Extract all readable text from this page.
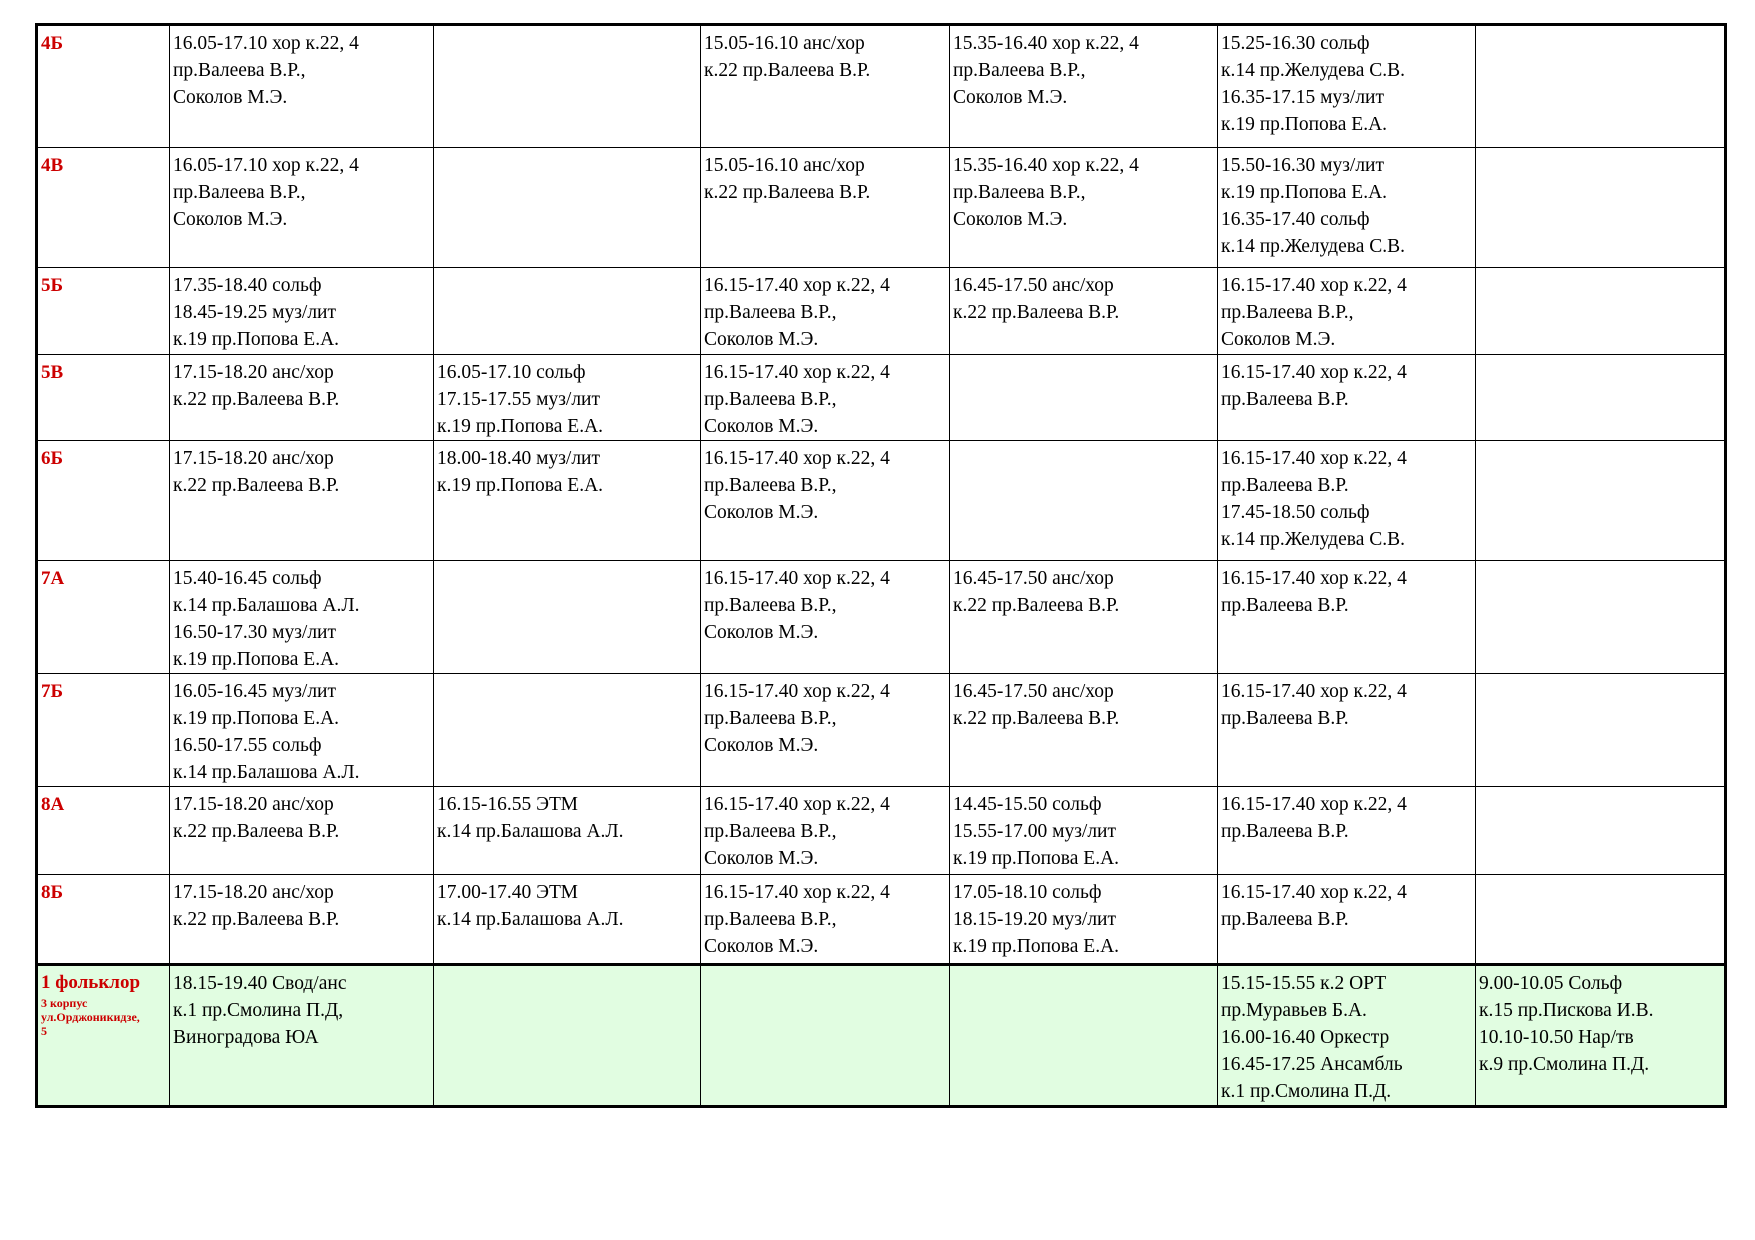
4Б	16.05-17.10 хор к.22, 4
пр.Валеева В.Р.,
Соколов М.Э.		15.05-16.10 анс/хор
к.22 пр.Валеева В.Р.	15.35-16.40 хор к.22, 4
пр.Валеева В.Р.,
Соколов М.Э.	15.25-16.30 сольф
к.14 пр.Желудева С.В.
16.35-17.15 муз/лит
к.19 пр.Попова Е.А.	

4В	16.05-17.10 хор к.22, 4
пр.Валеева В.Р.,
Соколов М.Э.		15.05-16.10 анс/хор
к.22 пр.Валеева В.Р.	15.35-16.40 хор к.22, 4
пр.Валеева В.Р.,
Соколов М.Э.	15.50-16.30 муз/лит
к.19 пр.Попова Е.А.
16.35-17.40 сольф
к.14 пр.Желудева С.В.	

5Б	17.35-18.40 сольф
18.45-19.25 муз/лит
к.19 пр.Попова Е.А.		16.15-17.40 хор к.22, 4
пр.Валеева В.Р.,
Соколов М.Э.	16.45-17.50 анс/хор
к.22 пр.Валеева В.Р.	16.15-17.40 хор к.22, 4
пр.Валеева В.Р.,
Соколов М.Э.	

5В	17.15-18.20 анс/хор
к.22 пр.Валеева В.Р.	16.05-17.10 сольф
17.15-17.55 муз/лит
к.19 пр.Попова Е.А.	16.15-17.40 хор к.22, 4
пр.Валеева В.Р.,
Соколов М.Э.		16.15-17.40 хор к.22, 4
пр.Валеева В.Р.	

6Б	17.15-18.20 анс/хор
к.22 пр.Валеева В.Р.	18.00-18.40 муз/лит
к.19 пр.Попова Е.А.	16.15-17.40 хор к.22, 4
пр.Валеева В.Р.,
Соколов М.Э.		16.15-17.40 хор к.22, 4
пр.Валеева В.Р.
17.45-18.50 сольф
к.14 пр.Желудева С.В.	

7А	15.40-16.45 сольф
к.14 пр.Балашова А.Л.
16.50-17.30 муз/лит
к.19 пр.Попова Е.А.		16.15-17.40 хор к.22, 4
пр.Валеева В.Р.,
Соколов М.Э.	16.45-17.50 анс/хор
к.22 пр.Валеева В.Р.	16.15-17.40 хор к.22, 4
пр.Валеева В.Р.	

7Б	16.05-16.45 муз/лит
к.19 пр.Попова Е.А.
16.50-17.55 сольф
к.14 пр.Балашова А.Л.		16.15-17.40 хор к.22, 4
пр.Валеева В.Р.,
Соколов М.Э.	16.45-17.50 анс/хор
к.22 пр.Валеева В.Р.	16.15-17.40 хор к.22, 4
пр.Валеева В.Р.	

8А	17.15-18.20 анс/хор
к.22 пр.Валеева В.Р.	16.15-16.55 ЭТМ
к.14 пр.Балашова А.Л.	16.15-17.40 хор к.22, 4
пр.Валеева В.Р.,
Соколов М.Э.	14.45-15.50 сольф
15.55-17.00 муз/лит
к.19 пр.Попова Е.А.	16.15-17.40 хор к.22, 4
пр.Валеева В.Р.	

8Б	17.15-18.20 анс/хор
к.22 пр.Валеева В.Р.	17.00-17.40 ЭТМ
к.14 пр.Балашова А.Л.	16.15-17.40 хор к.22, 4
пр.Валеева В.Р.,
Соколов М.Э.	17.05-18.10 сольф
18.15-19.20 муз/лит
к.19 пр.Попова Е.А.	16.15-17.40 хор к.22, 4
пр.Валеева В.Р.	

1 фольклор
3 корпус
ул.Орджоникидзе,
5	18.15-19.40 Свод/анс
к.1 пр.Смолина П.Д,
Виноградова ЮА				15.15-15.55 к.2 ОРТ
пр.Муравьев Б.А.
16.00-16.40 Оркестр
16.45-17.25 Ансамбль
к.1 пр.Смолина П.Д.	9.00-10.05 Сольф
к.15 пр.Пискова И.В.
10.10-10.50 Нар/тв
к.9 пр.Смолина П.Д.
